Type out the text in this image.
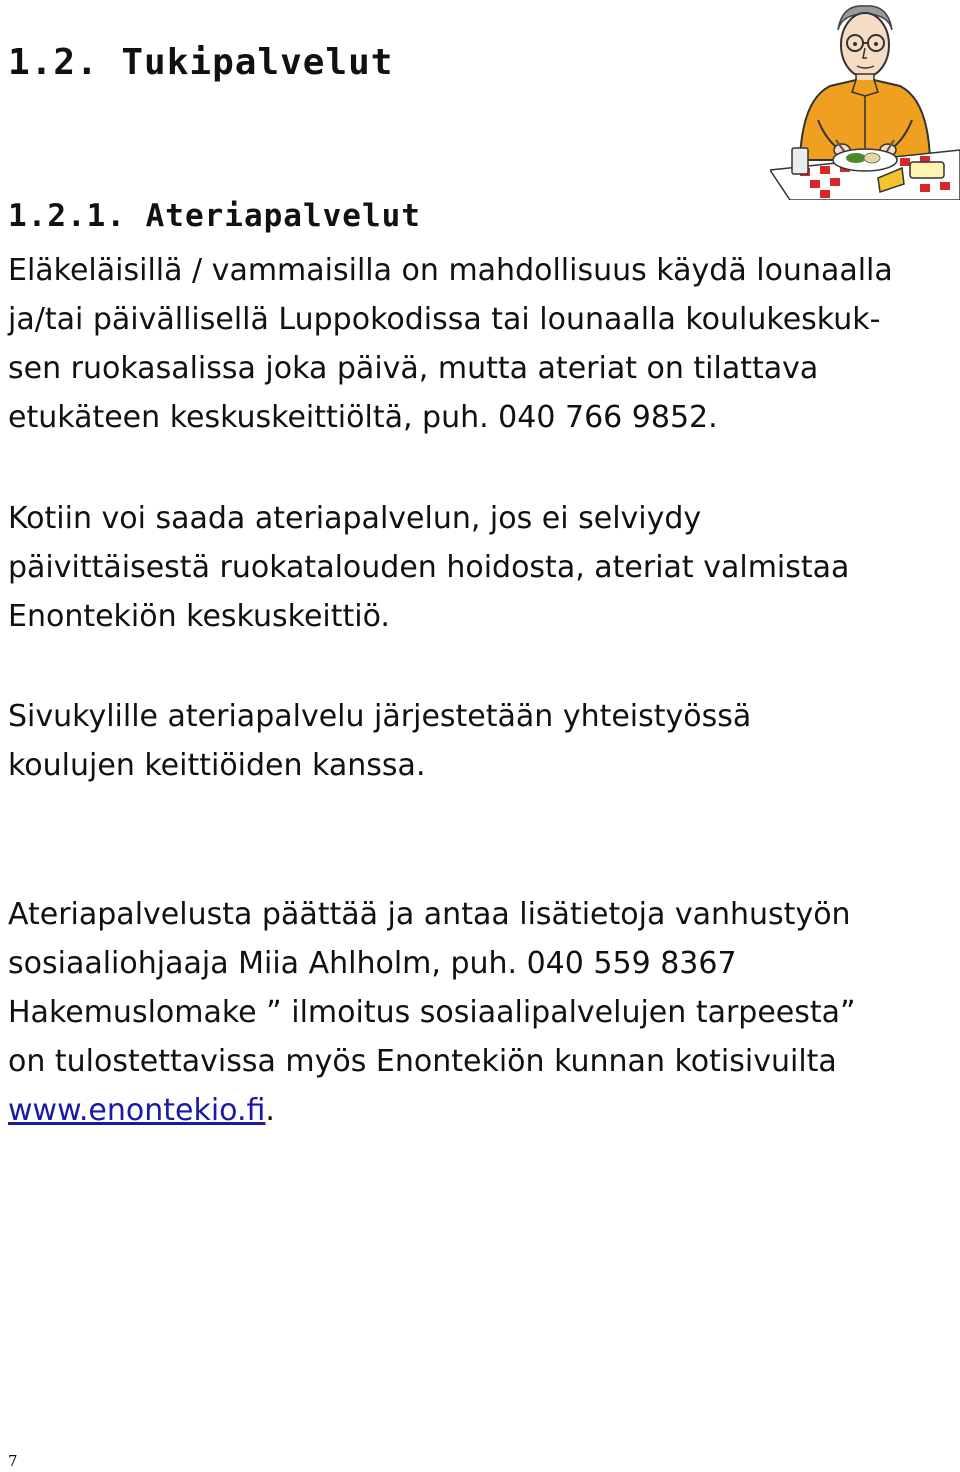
1.2. Tukipalvelut
1.2.1. Ateriapalvelut

Eläkeläisillä / vammaisilla on mahdollisuus käydä lounaalla
ja/tai päivällisellä Luppokodissa tai lounaalla koulukeskuk-
sen ruokasalissa joka päivä, mutta ateriat on tilattava
etukäteen keskuskeittiöltä, puh. 040 766 9852.

Kotiin voi saada ateriapalvelun, jos ei selviydy
päivittäisestä ruokatalouden hoidosta, ateriat valmistaa
Enontekiön keskuskeittiö.

Sivukylille ateriapalvelu järjestetään yhteistyössä
koulujen keittiöiden kanssa.

Ateriapalvelusta päättää ja antaa lisätietoja vanhustyön
sosiaaliohjaaja Miia Ahlholm, puh. 040 559 8367
Hakemuslomake ” ilmoitus sosiaalipalvelujen tarpeesta”
on tulostettavissa myös Enontekiön kunnan kotisivuilta
www.enontekio.fi.

7
